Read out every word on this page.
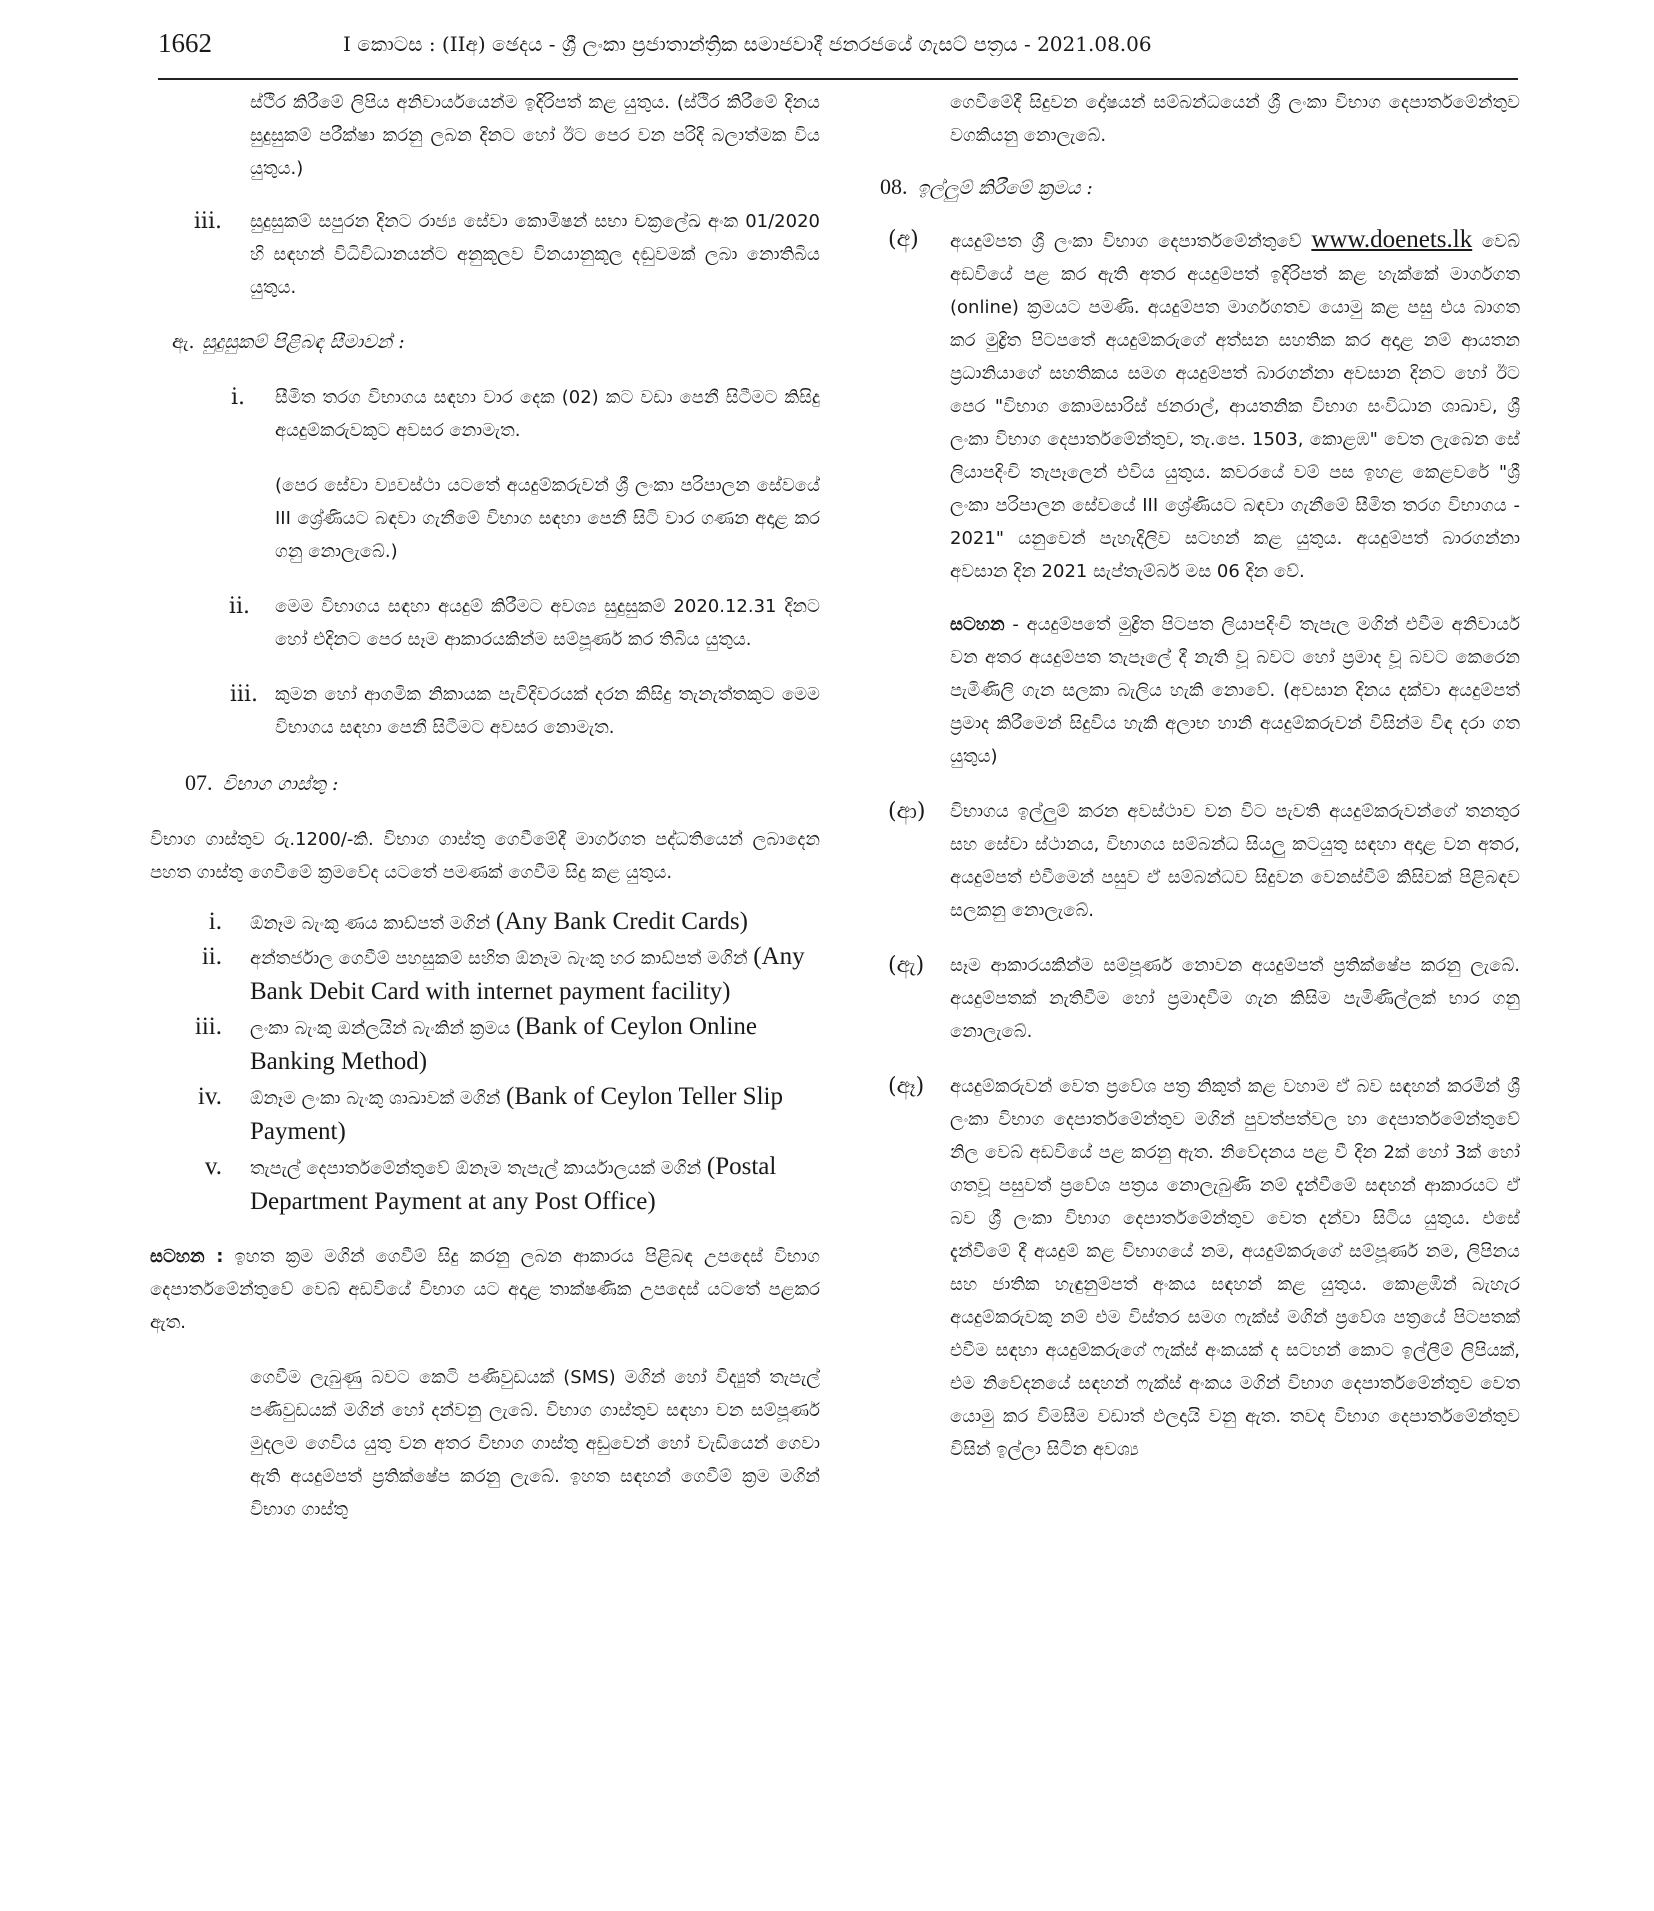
1662	I කොටස : (IIඅ) ඡෙදය - ශ්‍රී ලංකා ප්‍රජාතාන්ත්‍රික සමාජවාදී ජනරජයේ ගැසට් පත්‍රය - 2021.08.06
ස්ථිර කිරීමේ ලිපිය අනිවාර්යයෙන්ම ඉදිරිපත් කළ යුතුය. (ස්ථිර කිරීමේ දිනය සුදුසුකම් පරීක්ෂා කරනු ලබන දිනට හෝ ඊට පෙර වන පරිදි බලාත්මක විය යුතුය.)
iii. සුදුසුකම් සපුරන දිනට රාජ්‍ය සේවා කොමිෂන් සභා චක්‍රලේඛ අංක 01/2020 හි සඳහන් විධිවිධානයන්ට අනුකූලව විනයානුකූල දඬුවමක් ලබා නොතිබිය යුතුය.
ඇ. සුදුසුකම් පිළිබඳ සීමාවන් :
i. සීමිත තරග විභාගය සඳහා වාර දෙක (02) කට වඩා පෙනී සිටීමට කිසිදු අයදුම්කරුවකුට අවසර නොමැත.
(පෙර සේවා ව්‍යවස්ථා යටතේ අයදුම්කරුවන් ශ්‍රී ලංකා පරිපාලන සේවයේ III ශ්‍රේණියට බඳවා ගැනීමේ විභාග සඳහා පෙනී සිටි වාර ගණන අදාළ කර ගනු නොලැබේ.)
ii. මෙම විභාගය සඳහා අයදුම් කිරීමට අවශ්‍ය සුදුසුකම් 2020.12.31 දිනට හෝ එදිනට පෙර සෑම ආකාරයකින්ම සම්පූර්ණ කර තිබිය යුතුය.
iii. කුමන හෝ ආගමික නිකායක පැවිදිවරයක් දරන කිසිදු තැනැත්තකුට මෙම විභාගය සඳහා පෙනී සිටීමට අවසර නොමැත.
07. විභාග ගාස්තු :
විභාග ගාස්තුව රු.1200/-කි. විභාග ගාස්තු ගෙවීමේදී මාර්ගගත පද්ධතියෙන් ලබාදෙන පහත ගාස්තු ගෙවීමේ ක්‍රමවේද යටතේ පමණක් ගෙවීම සිදු කළ යුතුය.
i. ඕනෑම බැංකු ණය කාඩ්පත් මගින් (Any Bank Credit Cards)
ii. අන්තර්ජාල ගෙවීම් පහසුකම් සහිත ඕනෑම බැංකු හර කාඩ්පත් මගින් (Any Bank Debit Card with internet payment facility)
iii. ලංකා බැංකු ඔන්ලයින් බැංකින් ක්‍රමය (Bank of Ceylon Online Banking Method)
iv. ඕනෑම ලංකා බැංකු ශාඛාවක් මගින් (Bank of Ceylon Teller Slip Payment)
v. තැපැල් දෙපාර්තමේන්තුවේ ඕනෑම තැපැල් කාර්යාලයක් මගින් (Postal Department Payment at any Post Office)
සටහන : ඉහත ක්‍රම මගින් ගෙවීම් සිදු කරනු ලබන ආකාරය පිළිබඳ උපදෙස් විභාග දෙපාර්තමේන්තුවේ වෙබ් අඩවියේ විභාග යට අදාළ තාක්ෂණික උපදෙස් යටතේ පළකර ඇත.
ගෙවීම ලැබුණු බවට කෙටි පණිවුඩයක් (SMS) මගින් හෝ විද්‍යුත් තැපැල් පණිවුඩයක් මගින් හෝ දන්වනු ලැබේ. විභාග ගාස්තුව සඳහා වන සම්පූර්ණ මුදලම ගෙවිය යුතු වන අතර විභාග ගාස්තු අඩුවෙන් හෝ වැඩියෙන් ගෙවා ඇති අයදුම්පත් ප්‍රතික්ෂේප කරනු ලැබේ. ඉහත සඳහන් ගෙවීම් ක්‍රම මගින් විභාග ගාස්තු
ගෙවීමේදී සිදුවන දෝෂයන් සම්බන්ධයෙන් ශ්‍රී ලංකා විභාග දෙපාර්තමේන්තුව වගකියනු නොලැබේ.
08. ඉල්ලුම් කිරීමේ ක්‍රමය :
(අ) අයදුම්පත ශ්‍රී ලංකා විභාග දෙපාර්තමේන්තුවේ www.doenets.lk වෙබ් අඩවියේ පළ කර ඇති අතර අයදුම්පත් ඉදිරිපත් කළ හැක්කේ මාර්ගගත (online) ක්‍රමයට පමණි. අයදුම්පත මාර්ගගතව යොමු කළ පසු එය බාගත කර මුද්‍රිත පිටපතේ අයදුම්කරුගේ අත්සන සහතික කර අදාළ නම් ආයතන ප්‍රධානියාගේ සහතිකය සමග අයදුම්පත් බාරගන්නා අවසාන දිනට හෝ ඊට පෙර "විභාග කොමසාරිස් ජනරාල්, ආයතනික විභාග සංවිධාන ශාඛාව, ශ්‍රී ලංකා විභාග දෙපාර්තමේන්තුව, තැ.පෙ. 1503, කොළඹ" වෙත ලැබෙන සේ ලියාපදිංචි තැපෑලෙන් එවිය යුතුය. කවරයේ වම් පස ඉහළ කෙළවරේ "ශ්‍රී ලංකා පරිපාලන සේවයේ III ශ්‍රේණියට බඳවා ගැනීමේ සීමිත තරග විභාගය - 2021" යනුවෙන් පැහැදිලිව සටහන් කළ යුතුය. අයදුම්පත් බාරගන්නා අවසාන දින 2021 සැප්තැම්බර් මස 06 දින වේ.
සටහන - අයදුම්පතේ මුද්‍රිත පිටපත ලියාපදිංචි තැපැල මගින් එවීම අනිවාර්ය වන අතර අයදුම්පත තැපෑලේ දී නැති වූ බවට හෝ ප්‍රමාද වූ බවට කෙරෙන පැමිණිලි ගැන සලකා බැලිය හැකි නොවේ. (අවසාන දිනය දක්වා අයදුම්පත් ප්‍රමාද කිරීමෙන් සිදුවිය හැකි අලාභ හානි අයදුම්කරුවන් විසින්ම විඳ දරා ගත යුතුය)
(ආ) විභාගය ඉල්ලුම් කරන අවස්ථාව වන විට පැවති අයදුම්කරුවන්ගේ තනතුර සහ සේවා ස්ථානය, විභාගය සම්බන්ධ සියලු කටයුතු සඳහා අදාළ වන අතර, අයදුම්පත් එවීමෙන් පසුව ඒ සම්බන්ධව සිදුවන වෙනස්වීම් කිසිවක් පිළිබඳව සලකනු නොලැබේ.
(ඇ) සෑම ආකාරයකින්ම සම්පූර්ණ නොවන අයදුම්පත් ප්‍රතික්ෂේප කරනු ලැබේ. අයදුම්පතක් නැතිවීම හෝ ප්‍රමාදවීම ගැන කිසිම පැමිණිල්ලක් භාර ගනු නොලැබේ.
(ඈ) අයදුම්කරුවන් වෙත ප්‍රවේශ පත්‍ර නිකුත් කළ වහාම ඒ බව සඳහන් කරමින් ශ්‍රී ලංකා විභාග දෙපාර්තමේන්තුව මගින් පුවත්පත්වල හා දෙපාර්තමේන්තුවේ නිල වෙබ් අඩවියේ පළ කරනු ඇත. නිවේදනය පළ වී දින 2ක් හෝ 3ක් හෝ ගතවූ පසුවත් ප්‍රවේශ පත්‍රය නොලැබුණි නම් දැන්වීමේ සඳහන් ආකාරයට ඒ බව ශ්‍රී ලංකා විභාග දෙපාර්තමේන්තුව වෙත දන්වා සිටිය යුතුය. එසේ දැන්වීමේ දී අයදුම් කළ විභාගයේ නම, අයදුම්කරුගේ සම්පූර්ණ නම, ලිපිනය සහ ජාතික හැඳුනුම්පත් අංකය සඳහන් කළ යුතුය. කොළඹින් බැහැර අයදුම්කරුවකු නම් එම විස්තර සමග ෆැක්ස් මගින් ප්‍රවේශ පත්‍රයේ පිටපතක් එවීම සඳහා අයදුම්කරුගේ ෆැක්ස් අංකයක් ද සටහන් කොට ඉල්ලීම් ලිපියක්, එම නිවේදනයේ සඳහන් ෆැක්ස් අංකය මගින් විභාග දෙපාර්තමේන්තුව වෙත යොමු කර විමසීම වඩාත් ඵලදායි වනු ඇත. තවද විභාග දෙපාර්තමේන්තුව විසින් ඉල්ලා සිටින අවශ්‍ය
